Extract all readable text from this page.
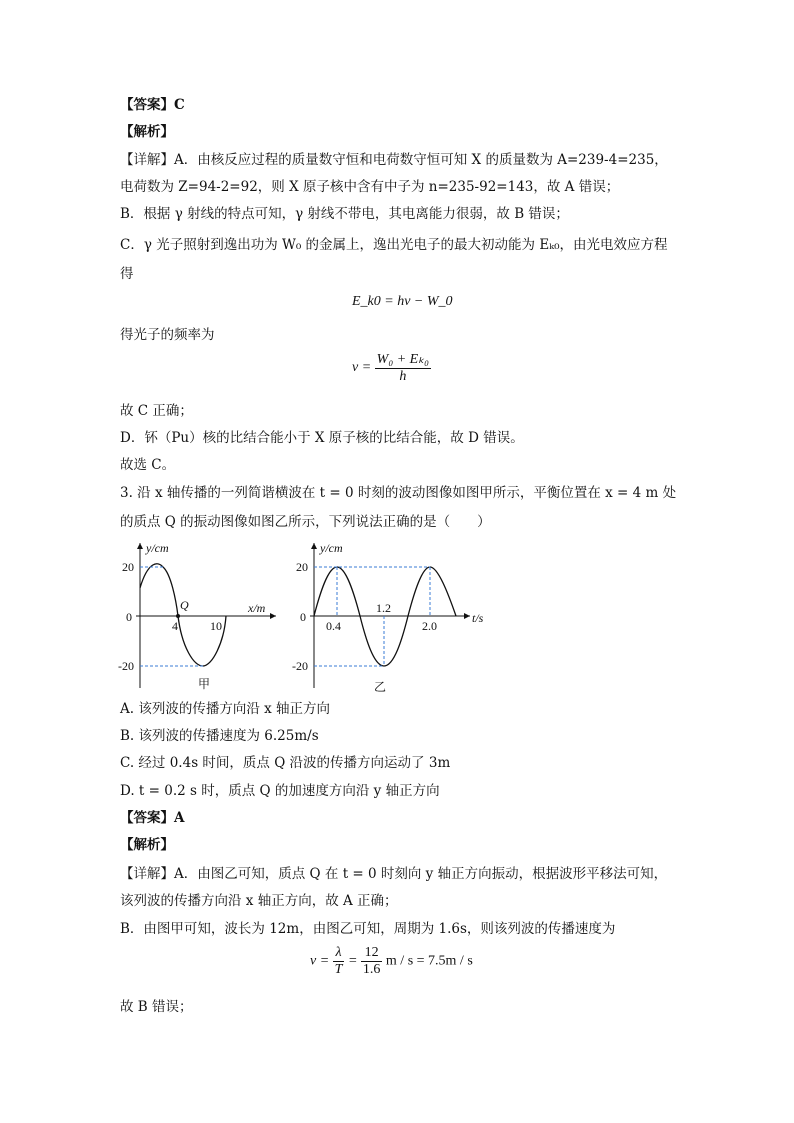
【答案】C
【解析】
【详解】A．由核反应过程的质量数守恒和电荷数守恒可知 X 的质量数为 A=239-4=235，
电荷数为 Z=94-2=92，则 X 原子核中含有中子为 n=235-92=143，故 A 错误；
B．根据 γ 射线的特点可知，γ 射线不带电，其电离能力很弱，故 B 错误；
C．γ 光子照射到逸出功为 W₀ 的金属上，逸出光电子的最大初动能为 Eₖ₀，由光电效应方程
得
E_k0 = hν − W_0
得光子的频率为
$\nu = \frac{\text{W₀ + Eₖ₀}}{h}$
故 C 正确；
D．钚（Pu）核的比结合能小于 X 原子核的比结合能，故 D 错误。
故选 C。
3. 沿 x 轴传播的一列简谐横波在 t = 0 时刻的波动图像如图甲所示，平衡位置在 x = 4 m 处
的质点 Q 的振动图像如图乙所示，下列说法正确的是（　　）
y/cm
x/m
20
-20
0
4	10
Q
甲
y/cm
t/s
20
-20
0
0.4
1.2
2.0
乙
A. 该列波的传播方向沿 x 轴正方向
B. 该列波的传播速度为 6.25m/s
C. 经过 0.4s 时间，质点 Q 沿波的传播方向运动了 3m
D. t = 0.2 s 时，质点 Q 的加速度方向沿 y 轴正方向
【答案】A
【解析】
【详解】A．由图乙可知，质点 Q 在 t = 0 时刻向 y 轴正方向振动，根据波形平移法可知，
该列波的传播方向沿 x 轴正方向，故 A 正确；
B．由图甲可知，波长为 12m，由图乙可知，周期为 1.6s，则该列波的传播速度为
$v = \frac{\lambda}{T} = \frac{12}{1.6}$ m / s = 7.5m / s
故 B 错误；
